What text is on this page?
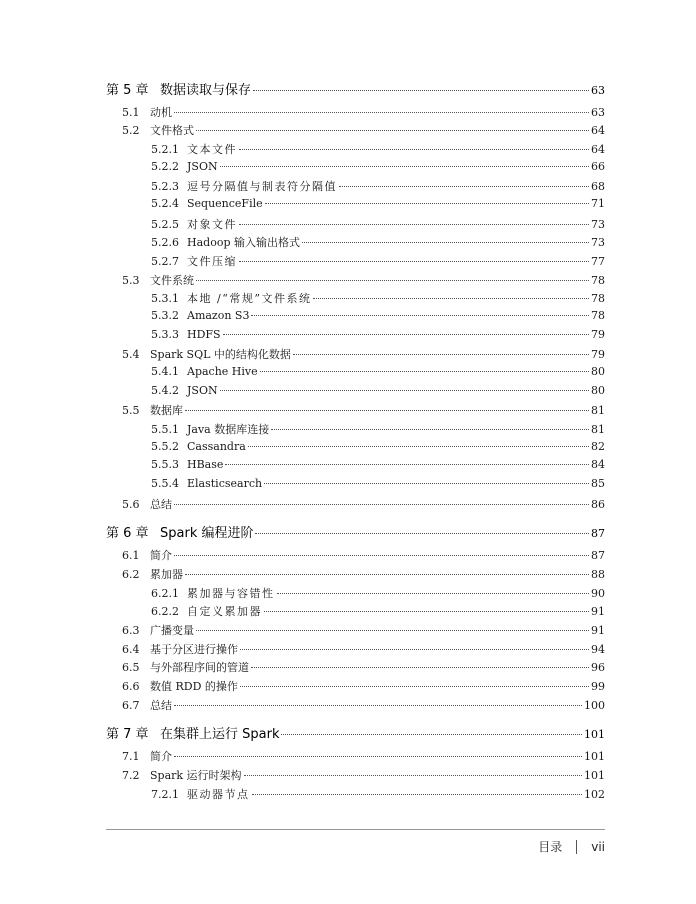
第 5 章 数据读取与保存	63
5.1 动机	63
5.2 文件格式	64
5.2.1 文本文件	64
5.2.2 JSON	66
5.2.3 逗号分隔值与制表符分隔值	68
5.2.4 SequenceFile	71
5.2.5 对象文件	73
5.2.6 Hadoop 输入输出格式	73
5.2.7 文件压缩	77
5.3 文件系统	78
5.3.1 本地 /“常规”文件系统	78
5.3.2 Amazon S3	78
5.3.3 HDFS	79
5.4 Spark SQL 中的结构化数据	79
5.4.1 Apache Hive	80
5.4.2 JSON	80
5.5 数据库	81
5.5.1 Java 数据库连接	81
5.5.2 Cassandra	82
5.5.3 HBase	84
5.5.4 Elasticsearch	85
5.6 总结	86
第 6 章 Spark 编程进阶	87
6.1 简介	87
6.2 累加器	88
6.2.1 累加器与容错性	90
6.2.2 自定义累加器	91
6.3 广播变量	91
6.4 基于分区进行操作	94
6.5 与外部程序间的管道	96
6.6 数值 RDD 的操作	99
6.7 总结	100
第 7 章 在集群上运行 Spark	101
7.1 简介	101
7.2 Spark 运行时架构	101
7.2.1 驱动器节点	102
目录 vii
